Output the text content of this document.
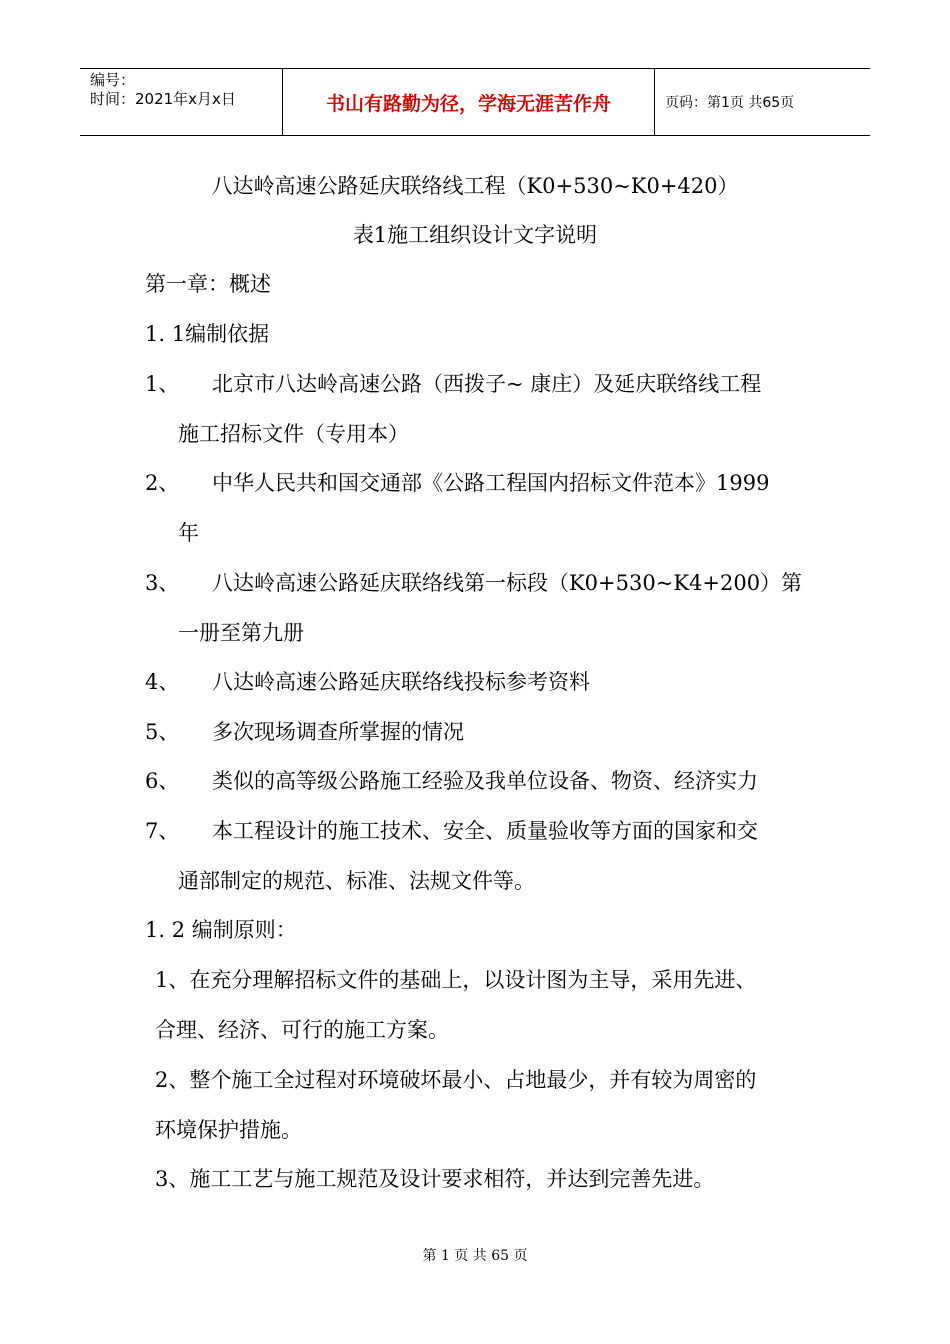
编号：
时间：2021年x月x日	书山有路勤为径，学海无涯苦作舟	页码：第1页 共65页
八达岭高速公路延庆联络线工程（K0+530~K0+420）
表1施工组织设计文字说明
第一章：概述
1. 1编制依据
1、 北京市八达岭高速公路（西拨子~ 康庄）及延庆联络线工程
施工招标文件（专用本）
2、 中华人民共和国交通部《公路工程国内招标文件范本》1999
年
3、 八达岭高速公路延庆联络线第一标段（K0+530~K4+200）第
一册至第九册
4、 八达岭高速公路延庆联络线投标参考资料
5、 多次现场调查所掌握的情况
6、 类似的高等级公路施工经验及我单位设备、物资、经济实力
7、 本工程设计的施工技术、安全、质量验收等方面的国家和交
通部制定的规范、标准、法规文件等。
1. 2 编制原则：
1、在充分理解招标文件的基础上，以设计图为主导，采用先进、
合理、经济、可行的施工方案。
2、整个施工全过程对环境破坏最小、占地最少，并有较为周密的
环境保护措施。
3、施工工艺与施工规范及设计要求相符，并达到完善先进。
第 1 页 共 65 页
